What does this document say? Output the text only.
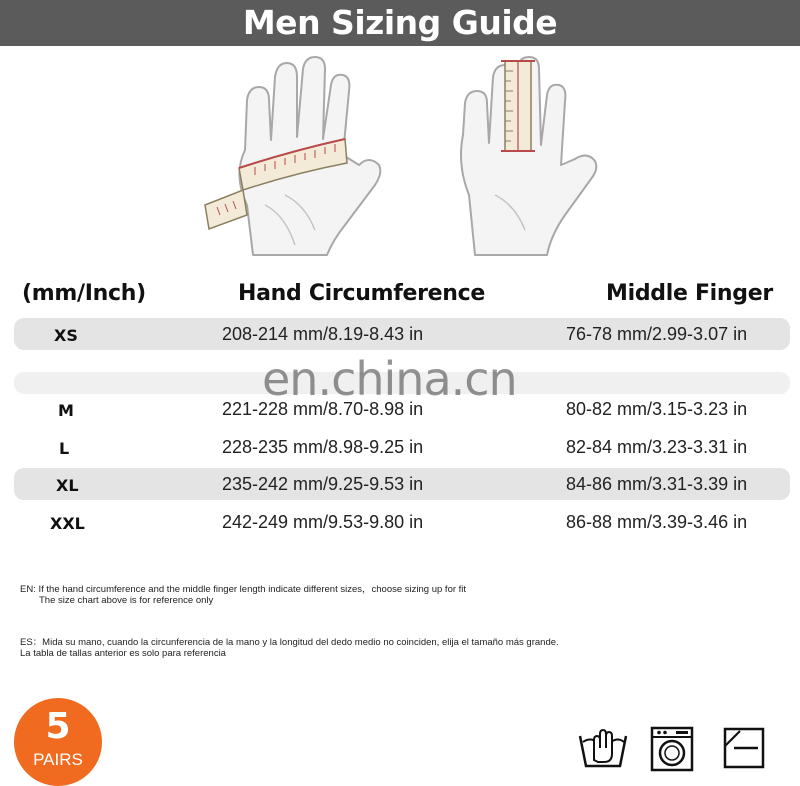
Men Sizing Guide
(mm/Inch)	Hand Circumference	Middle Finger
XS	208-214 mm/8.19-8.43 in	76-78 mm/2.99-3.07 in
en.china.cn
M	221-228 mm/8.70-8.98 in	80-82 mm/3.15-3.23 in
L	228-235 mm/8.98-9.25 in	82-84 mm/3.23-3.31 in
XL	235-242 mm/9.25-9.53 in	84-86 mm/3.31-3.39 in
XXL	242-249 mm/9.53-9.80 in	86-88 mm/3.39-3.46 in
EN: If the hand circumference and the middle finger length indicate different sizes，choose sizing up for fit
The size chart above is for reference only
ES：Mida su mano, cuando la circunferencia de la mano y la longitud del dedo medio no coinciden, elija el tamaño más grande.
La tabla de tallas anterior es solo para referencia
5
PAIRS
